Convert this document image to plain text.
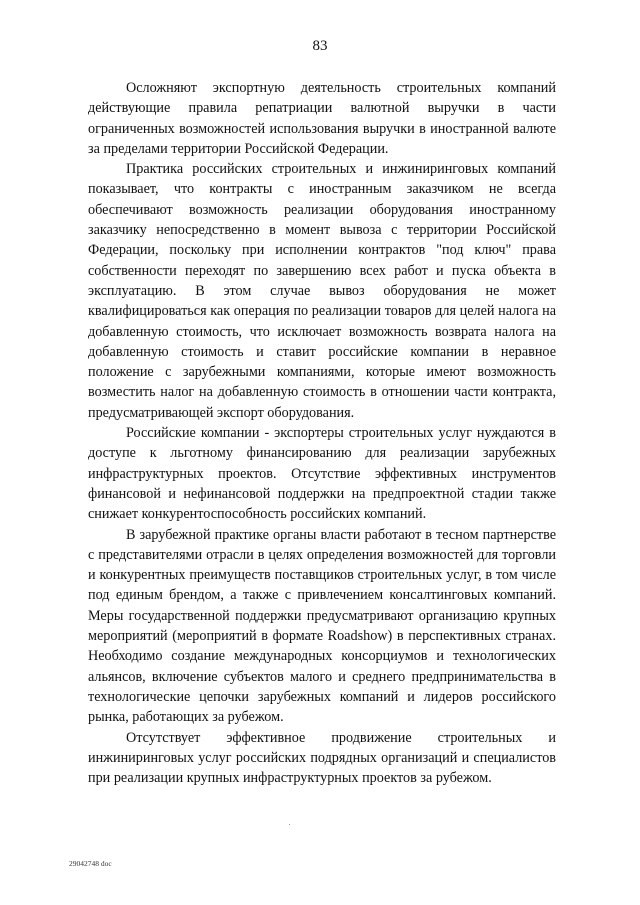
83

Осложняют экспортную деятельность строительных компаний действующие правила репатриации валютной выручки в части ограниченных возможностей использования выручки в иностранной валюте за пределами территории Российской Федерации.

Практика российских строительных и инжиниринговых компаний показывает, что контракты с иностранным заказчиком не всегда обеспечивают возможность реализации оборудования иностранному заказчику непосредственно в момент вывоза с территории Российской Федерации, поскольку при исполнении контрактов "под ключ" права собственности переходят по завершению всех работ и пуска объекта в эксплуатацию. В этом случае вывоз оборудования не может квалифицироваться как операция по реализации товаров для целей налога на добавленную стоимость, что исключает возможность возврата налога на добавленную стоимость и ставит российские компании в неравное положение с зарубежными компаниями, которые имеют возможность возместить налог на добавленную стоимость в отношении части контракта, предусматривающей экспорт оборудования.

Российские компании - экспортеры строительных услуг нуждаются в доступе к льготному финансированию для реализации зарубежных инфраструктурных проектов. Отсутствие эффективных инструментов финансовой и нефинансовой поддержки на предпроектной стадии также снижает конкурентоспособность российских компаний.

В зарубежной практике органы власти работают в тесном партнерстве с представителями отрасли в целях определения возможностей для торговли и конкурентных преимуществ поставщиков строительных услуг, в том числе под единым брендом, а также с привлечением консалтинговых компаний. Меры государственной поддержки предусматривают организацию крупных мероприятий (мероприятий в формате Roadshow) в перспективных странах. Необходимо создание международных консорциумов и технологических альянсов, включение субъектов малого и среднего предпринимательства в технологические цепочки зарубежных компаний и лидеров российского рынка, работающих за рубежом.

Отсутствует эффективное продвижение строительных и инжиниринговых услуг российских подрядных организаций и специалистов при реализации крупных инфраструктурных проектов за рубежом.

29042748 doc
